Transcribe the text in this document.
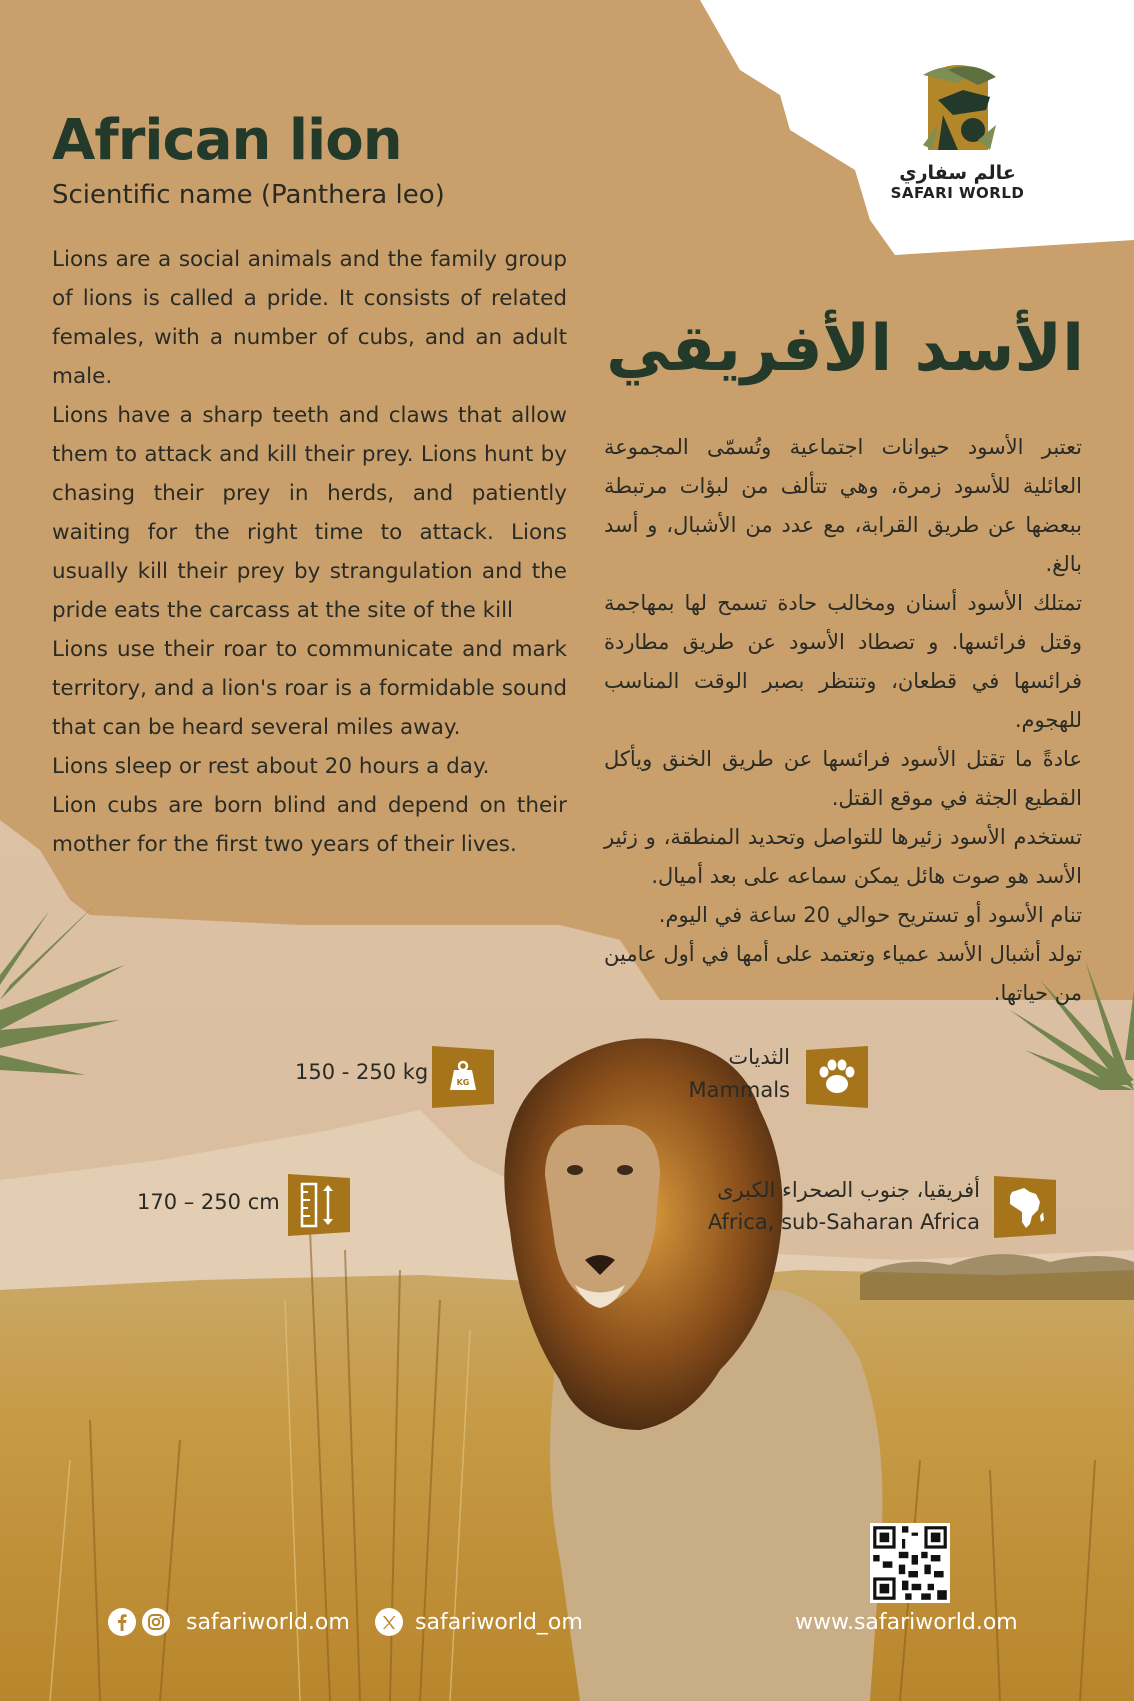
عالم سفاري
SAFARI WORLD
African lion
Scientific name (Panthera leo)
الأسد الأفريقي

Lions are a social animals and the family group of lions is called a pride. It consists of related females, with a number of cubs, and an adult male.

Lions have a sharp teeth and claws that allow them to attack and kill their prey. Lions hunt by chasing their prey in herds, and patiently waiting for the right time to attack. Lions usually kill their prey by strangulation and the pride eats the carcass at the site of the kill

Lions use their roar to communicate and mark territory, and a lion's roar is a formidable sound that can be heard several miles away.

Lions sleep or rest about 20 hours a day.

Lion cubs are born blind and depend on their mother for the first two years of their lives.

تعتبر الأسود حيوانات اجتماعية وتُسمّى المجموعة العائلية للأسود زمرة، وهي تتألف من لبؤات مرتبطة ببعضها عن طريق القرابة، مع عدد من الأشبال، و أسد بالغ.

تمتلك الأسود أسنان ومخالب حادة تسمح لها بمهاجمة وقتل فرائسها. و تصطاد الأسود عن طريق مطاردة فرائسها في قطعان، وتنتظر بصبر الوقت المناسب للهجوم.

عادةً ما تقتل الأسود فرائسها عن طريق الخنق ويأكل القطيع الجثة في موقع القتل.

تستخدم الأسود زئيرها للتواصل وتحديد المنطقة، و زئير الأسد هو صوت هائل يمكن سماعه على بعد أميال.

تنام الأسود أو تستريح حوالي 20 ساعة في اليوم.

تولد أشبال الأسد عمياء وتعتمد على أمها في أول عامين من حياتها.

150 - 250 kg	KG
الثديات
Mammals
170 – 250 cm	أفريقيا، جنوب الصحراء الكبرى
Africa, sub-Saharan Africa
safariworld.om	safariworld_om	www.safariworld.om
